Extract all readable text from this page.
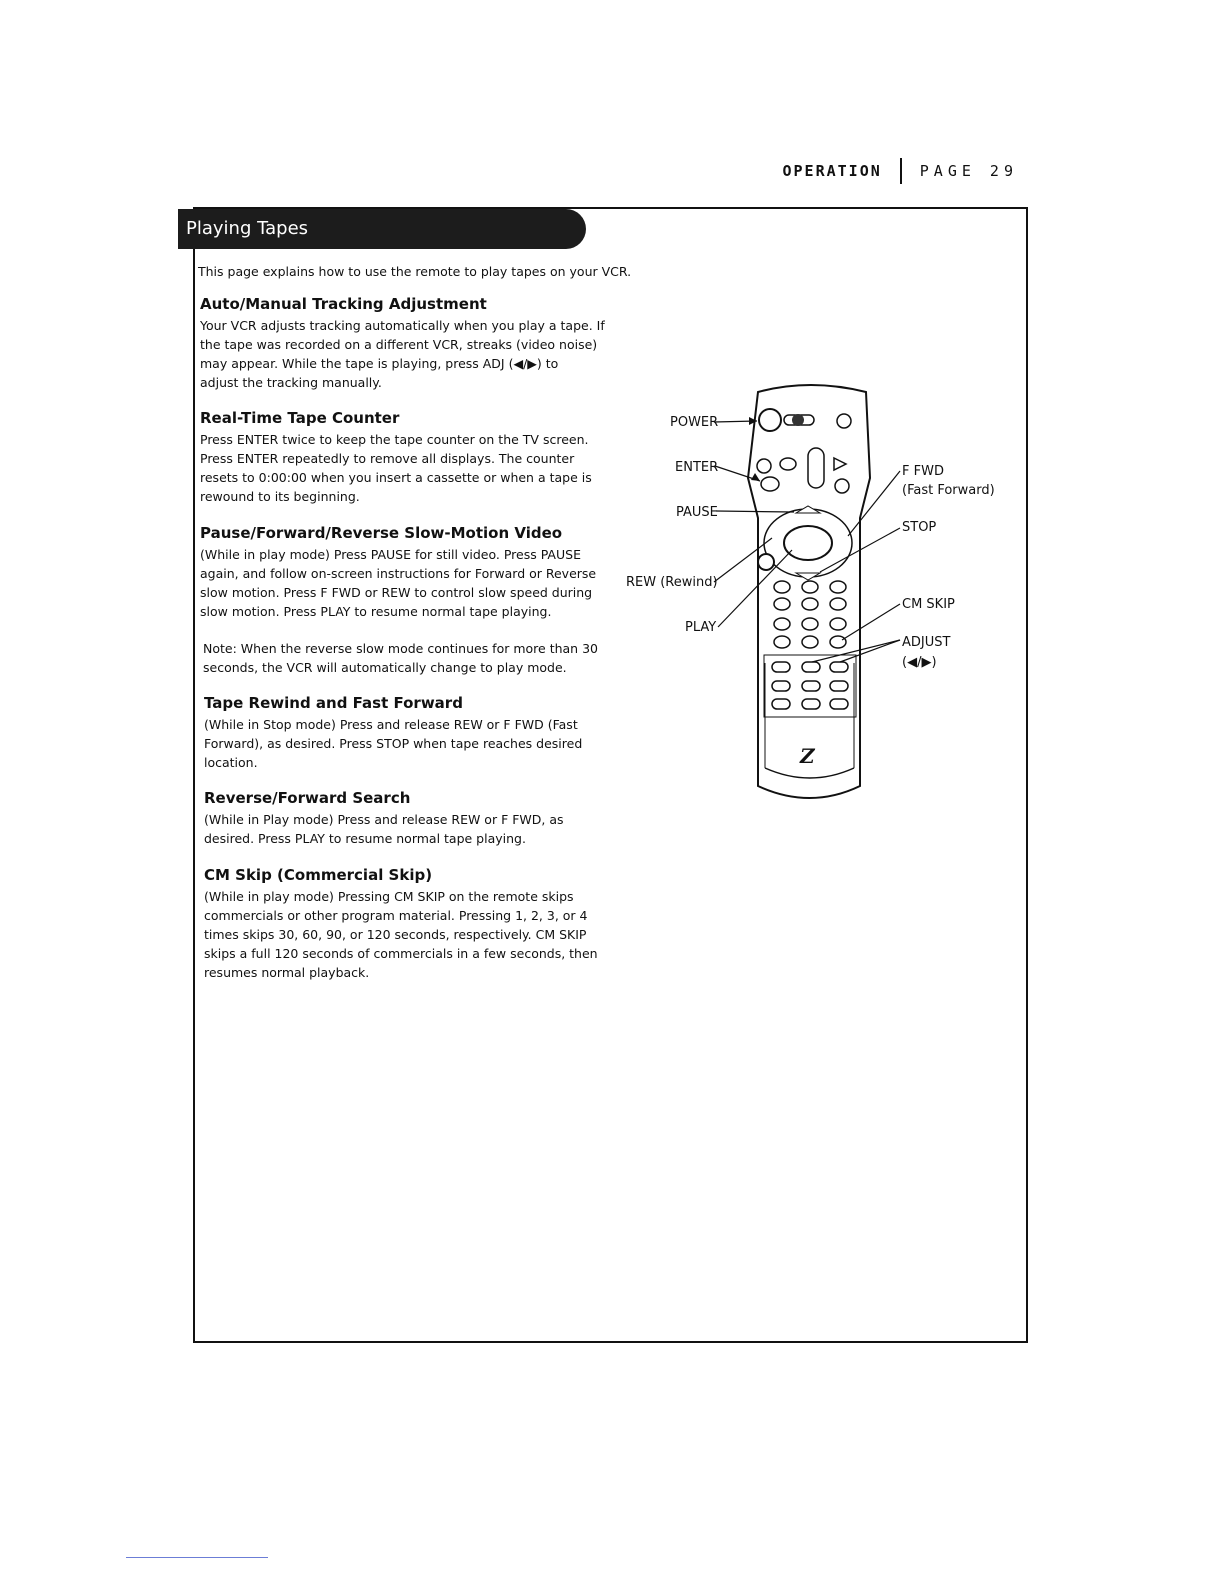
OPERATION	PAGE 29
Playing Tapes
This page explains how to use the remote to play tapes on your VCR.
Auto/Manual Tracking Adjustment

Your VCR adjusts tracking automatically when you play a tape. If
the tape was recorded on a different VCR, streaks (video noise)
may appear. While the tape is playing, press ADJ (◀/▶) to
adjust the tracking manually.

Real-Time Tape Counter

Press ENTER twice to keep the tape counter on the TV screen.
Press ENTER repeatedly to remove all displays. The counter
resets to 0:00:00 when you insert a cassette or when a tape is
rewound to its beginning.

Pause/Forward/Reverse Slow-Motion Video

(While in play mode) Press PAUSE for still video. Press PAUSE
again, and follow on-screen instructions for Forward or Reverse
slow motion. Press F FWD or REW to control slow speed during
slow motion. Press PLAY to resume normal tape playing.

Note: When the reverse slow mode continues for more than 30
seconds, the VCR will automatically change to play mode.

Tape Rewind and Fast Forward

(While in Stop mode) Press and release REW or F FWD (Fast
Forward), as desired. Press STOP when tape reaches desired
location.

Reverse/Forward Search

(While in Play mode) Press and release REW or F FWD, as
desired. Press PLAY to resume normal tape playing.

CM Skip (Commercial Skip)

(While in play mode) Pressing CM SKIP on the remote skips
commercials or other program material. Pressing 1, 2, 3, or 4
times skips 30, 60, 90, or 120 seconds, respectively. CM SKIP
skips a full 120 seconds of commercials in a few seconds, then
resumes normal playback.

Z
POWER
ENTER
PAUSE
REW (Rewind)
PLAY
F FWD
(Fast Forward)
STOP
CM SKIP
ADJUST
(◀/▶)
